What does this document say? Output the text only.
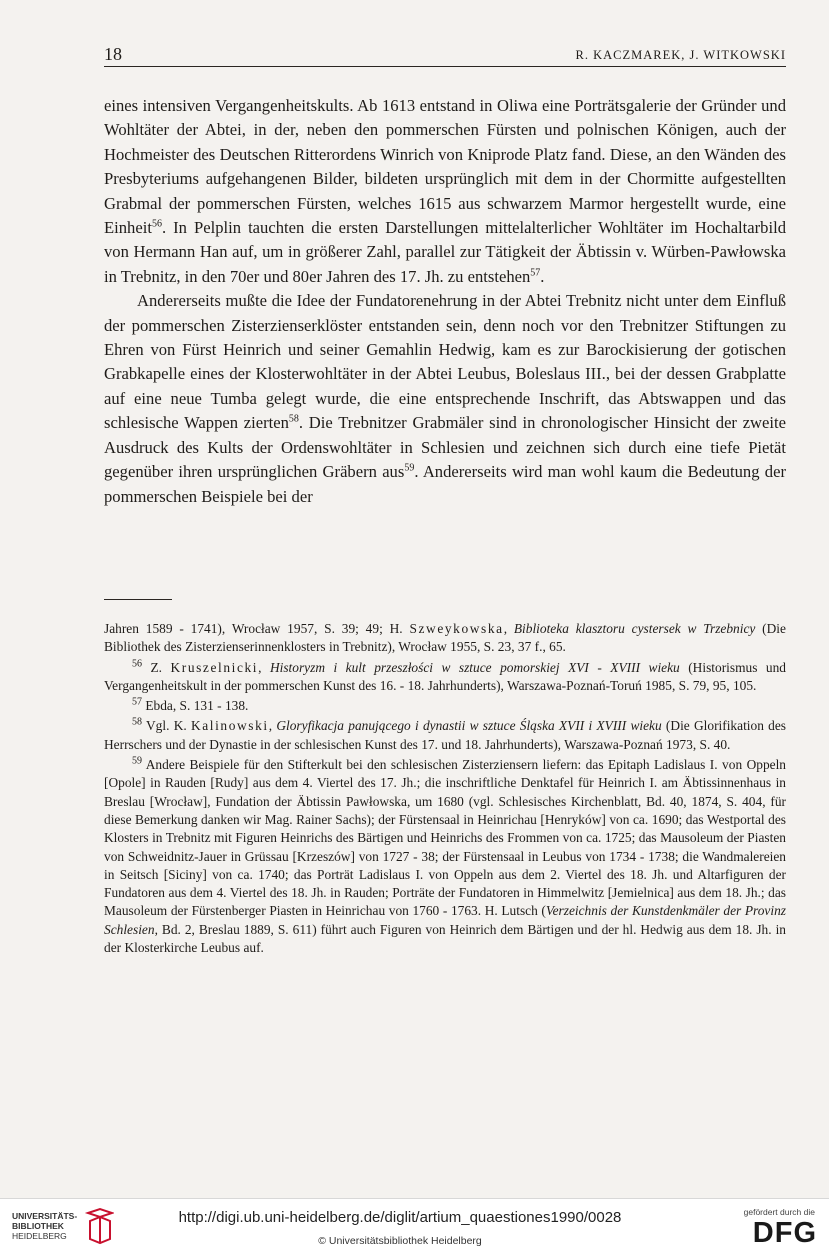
18	R. KACZMAREK, J. WITKOWSKI

eines intensiven Vergangenheitskults. Ab 1613 entstand in Oliwa eine Porträtsgalerie der Gründer und Wohltäter der Abtei, in der, neben den pommerschen Fürsten und polnischen Königen, auch der Hochmeister des Deutschen Ritterordens Winrich von Kniprode Platz fand. Diese, an den Wänden des Presbyteriums aufgehangenen Bilder, bildeten ursprünglich mit dem in der Chormitte aufgestellten Grabmal der pommerschen Fürsten, welches 1615 aus schwarzem Marmor hergestellt wurde, eine Einheit$^{56}$. In Pelplin tauchten die ersten Darstellungen mittelalterlicher Wohltäter im Hochaltarbild von Hermann Han auf, um in größerer Zahl, parallel zur Tätigkeit der Äbtissin v. Würben-Pawłowska in Trebnitz, in den 70er und 80er Jahren des 17. Jh. zu entstehen$^{57}$.

Andererseits mußte die Idee der Fundatorenehrung in der Abtei Trebnitz nicht unter dem Einfluß der pommerschen Zisterzienserklöster entstanden sein, denn noch vor den Trebnitzer Stiftungen zu Ehren von Fürst Heinrich und seiner Gemahlin Hedwig, kam es zur Barockisierung der gotischen Grabkapelle eines der Klosterwohltäter in der Abtei Leubus, Boleslaus III., bei der dessen Grabplatte auf eine neue Tumba gelegt wurde, die eine entsprechende Inschrift, das Abtswappen und das schlesische Wappen zierten$^{58}$. Die Trebnitzer Grabmäler sind in chronologischer Hinsicht der zweite Ausdruck des Kults der Ordenswohltäter in Schlesien und zeichnen sich durch eine tiefe Pietät gegenüber ihren ursprünglichen Gräbern aus$^{59}$. Andererseits wird man wohl kaum die Bedeutung der pommerschen Beispiele bei der

Jahren 1589 - 1741), Wrocław 1957, S. 39; 49; H. Szweykowska, Biblioteka klasztoru cystersek w Trzebnicy (Die Bibliothek des Zisterzienserinnenklosters in Trebnitz), Wrocław 1955, S. 23, 37 f., 65.

$^{56}$ Z. Kruszelnicki, Historyzm i kult przeszłości w sztuce pomorskiej XVI - XVIII wieku (Historismus und Vergangenheitskult in der pommerschen Kunst des 16. - 18. Jahrhunderts), Warszawa-Poznań-Toruń 1985, S. 79, 95, 105.

$^{57}$ Ebda, S. 131 - 138.

$^{58}$ Vgl. K. Kalinowski, Gloryfikacja panującego i dynastii w sztuce Śląska XVII i XVIII wieku (Die Glorifikation des Herrschers und der Dynastie in der schlesischen Kunst des 17. und 18. Jahrhunderts), Warszawa-Poznań 1973, S. 40.

$^{59}$ Andere Beispiele für den Stifterkult bei den schlesischen Zisterziensern liefern: das Epitaph Ladislaus I. von Oppeln [Opole] in Rauden [Rudy] aus dem 4. Viertel des 17. Jh.; die inschriftliche Denktafel für Heinrich I. am Äbtissinnenhaus in Breslau [Wrocław], Fundation der Äbtissin Pawłowska, um 1680 (vgl. Schlesisches Kirchenblatt, Bd. 40, 1874, S. 404, für diese Bemerkung danken wir Mag. Rainer Sachs); der Fürstensaal in Heinrichau [Henryków] von ca. 1690; das Westportal des Klosters in Trebnitz mit Figuren Heinrichs des Bärtigen und Heinrichs des Frommen von ca. 1725; das Mausoleum der Piasten von Schweidnitz-Jauer in Grüssau [Krzeszów] von 1727 - 38; der Fürstensaal in Leubus von 1734 - 1738; die Wandmalereien in Seitsch [Siciny] von ca. 1740; das Porträt Ladislaus I. von Oppeln aus dem 2. Viertel des 18. Jh. und Altarfiguren der Fundatoren aus dem 4. Viertel des 18. Jh. in Rauden; Porträte der Fundatoren in Himmelwitz [Jemielnica] aus dem 18. Jh.; das Mausoleum der Fürstenberger Piasten in Heinrichau von 1760 - 1763. H. Lutsch (Verzeichnis der Kunstdenkmäler der Provinz Schlesien, Bd. 2, Breslau 1889, S. 611) führt auch Figuren von Heinrich dem Bärtigen und der hl. Hedwig aus dem 18. Jh. in der Klosterkirche Leubus auf.

UNIVERSITÄTS-
BIBLIOTHEK
HEIDELBERG
http://digi.ub.uni-heidelberg.de/diglit/artium_quaestiones1990/0028
© Universitätsbibliothek Heidelberg
gefördert durch die
DFG
